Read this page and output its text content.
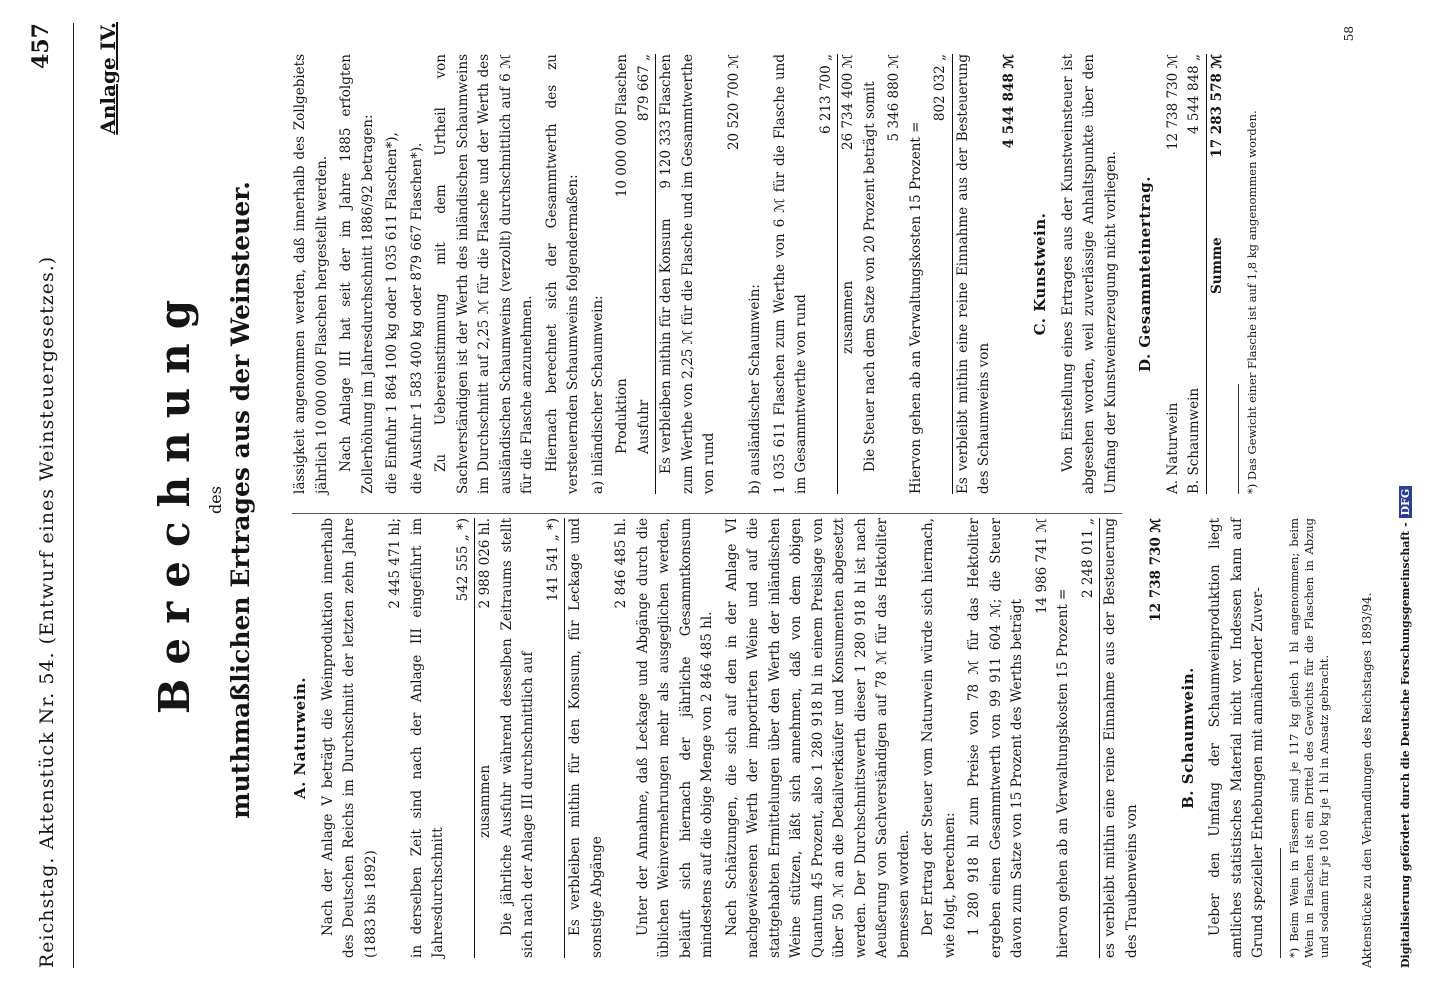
Reichstag. Aktenstück Nr. 54. (Entwurf eines Weinsteuergesetzes.)
457 Anlage IV.
Berechnung des muthmaßlichen Ertrages aus der Weinsteuer. A. Naturwein. Nach der Anlage V beträgt die Weinproduktion innerhalb des Deutschen Reichs im Durchschnitt der letzten zehn Jahre (1883 bis 1892)

2 445 471 hl; in derselben Zeit sind nach der Anlage III eingeführt im Jahresdurchschnitt

542 555 „ *)
zusammen
2 988 026 hl. Die jährliche Ausfuhr während desselben Zeitraums stellt sich nach der Anlage III durchschnittlich auf

141 541 „ *) Es verbleiben mithin für den Konsum, für Leckage und sonstige Abgänge

2 846 485 hl. Unter der Annahme, daß Leckage und Abgänge durch die üblichen Weinvermehrungen mehr als ausgeglichen werden, beläuft sich hiernach der jährliche Gesammtkonsum mindestens auf die obige Menge von 2 846 485 hl. Nach Schätzungen, die sich auf den in der Anlage VI nachgewiesenen Werth der importirten Weine und auf die stattgehabten Ermittelungen über den Werth der inländischen Weine stützen, läßt sich annehmen, daß von dem obigen Quantum 45 Prozent, also 1 280 918 hl in einem Preislage von über 50 ℳ an die Detailverkäufer und Konsumenten abgesetzt werden. Der Durchschnittswerth dieser 1 280 918 hl ist nach Aeußerung von Sachverständigen auf 78 ℳ für das Hektoliter bemessen worden. Der Ertrag der Steuer vom Naturwein würde sich hiernach, wie folgt, berechnen: 1 280 918 hl zum Preise von 78 ℳ für das Hektoliter ergeben einen Gesammtwerth von 99 911 604 ℳ; die Steuer davon zum Satze von 15 Prozent des Werths beträgt

14 986 741 ℳ

hiervon gehen ab an Verwaltungskosten 15 Prozent =

2 248 011 „ es verbleibt mithin eine reine Einnahme aus der Besteuerung des Traubenweins von

12 738 730 ℳ
B. Schaumwein. Ueber den Umfang der Schaumweinproduktion liegt amtliches statistisches Material nicht vor. Indessen kann auf Grund spezieller Erhebungen mit annähernder Zuver-	*) Beim Wein in Fässern sind je 117 kg gleich 1 hl angenommen; beim Wein in Flaschen ist ein Drittel des Gewichts für die Flaschen in Abzug und sodann für je 100 kg je 1 hl in Ansatz gebracht.

lässigkeit angenommen werden, daß innerhalb des Zollgebiets jährlich 10 000 000 Flaschen hergestellt werden. Nach Anlage III hat seit der im Jahre 1885 erfolgten Zollerhöhung im Jahresdurchschnitt 1886/92 betragen: die Einfuhr 1 864 100 kg oder 1 035 611 Flaschen*), die Ausfuhr 1 583 400 kg oder 879 667 Flaschen*). Zu Uebereinstimmung mit dem Urtheil von Sachverständigen ist der Werth des inländischen Schaumweins im Durchschnitt auf 2,25 ℳ für die Flasche und der Werth des ausländischen Schaumweins (verzollt) durchschnittlich auf 6 ℳ für die Flasche anzunehmen. Hiernach berechnet sich der Gesammtwerth des zu versteuernden Schaumweins folgendermaßen: a) inländischer Schaumwein: Produktion
10 000 000 Flaschen
Ausfuhr
879 667 „
Es verbleiben mithin für den Konsum
9 120 333 Flaschen zum Werthe von 2,25 ℳ für die Flasche und im Gesammtwerthe von rund

20 520 700 ℳ

b) ausländischer Schaumwein: 1 035 611 Flaschen zum Werthe von 6 ℳ für die Flasche und im Gesammtwerthe von rund

6 213 700 „
zusammen
26 734 400 ℳ Die Steuer nach dem Satze von 20 Prozent beträgt somit 5 346 880 ℳ

Hiervon gehen ab an Verwaltungskosten 15 Prozent =

802 032 „ Es verbleibt mithin eine reine Einnahme aus der Besteuerung des Schaumweins von

4 544 848 ℳ
C. Kunstwein. Von Einstellung eines Ertrages aus der Kunstweinsteuer ist abgesehen worden, weil zuverlässige Anhaltspunkte über den Umfang der Kunstweinerzeugung nicht vorliegen. D. Gesammteinertrag.
A. Naturwein
12 738 730 ℳ
B. Schaumwein
4 544 848 „
Summe
17 283 578 ℳ

*) Das Gewicht einer Flasche ist auf 1,8 kg angenommen worden.

Aktenstücke zu den Verhandlungen des Reichstages 1893/94.
58
Digitalisierung gefördert durch die Deutsche Forschungsgemeinschaft - DFG
